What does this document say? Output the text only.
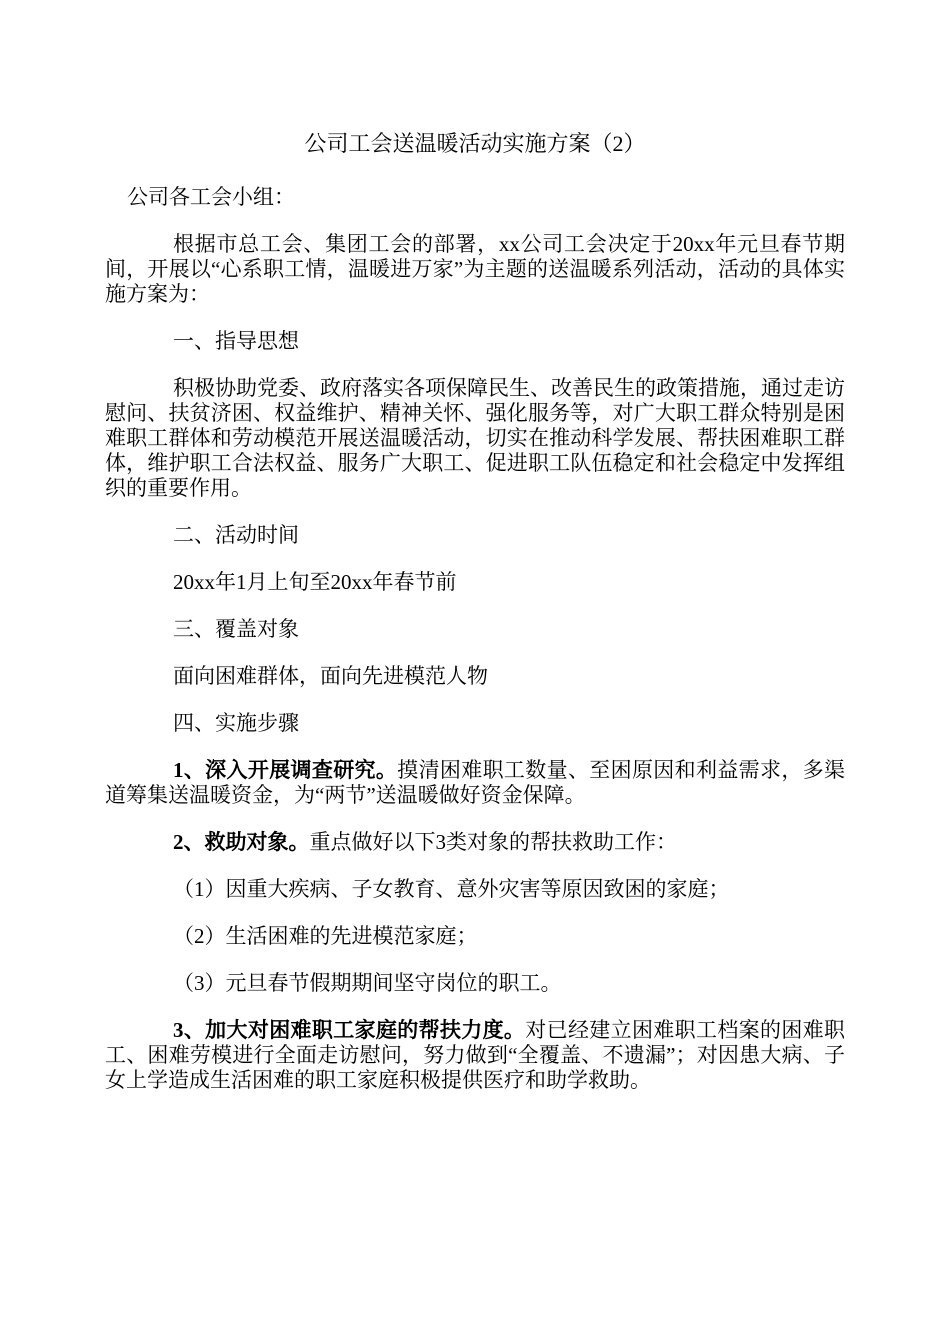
公司工会送温暖活动实施方案（2）

公司各工会小组：

根据市总工会、集团工会的部署，xx公司工会决定于20xx年元旦春节期间，开展以“心系职工情，温暖进万家”为主题的送温暖系列活动，活动的具体实施方案为：

一、指导思想

积极协助党委、政府落实各项保障民生、改善民生的政策措施，通过走访慰问、扶贫济困、权益维护、精神关怀、强化服务等，对广大职工群众特别是困难职工群体和劳动模范开展送温暖活动，切实在推动科学发展、帮扶困难职工群体，维护职工合法权益、服务广大职工、促进职工队伍稳定和社会稳定中发挥组织的重要作用。

二、活动时间

20xx年1月上旬至20xx年春节前

三、覆盖对象

面向困难群体，面向先进模范人物

四、实施步骤

1、深入开展调查研究。摸清困难职工数量、至困原因和利益需求，多渠道筹集送温暖资金，为“两节”送温暖做好资金保障。

2、救助对象。重点做好以下3类对象的帮扶救助工作：

（1）因重大疾病、子女教育、意外灾害等原因致困的家庭；

（2）生活困难的先进模范家庭；

（3）元旦春节假期期间坚守岗位的职工。

3、加大对困难职工家庭的帮扶力度。对已经建立困难职工档案的困难职工、困难劳模进行全面走访慰问，努力做到“全覆盖、不遗漏”；对因患大病、子女上学造成生活困难的职工家庭积极提供医疗和助学救助。
